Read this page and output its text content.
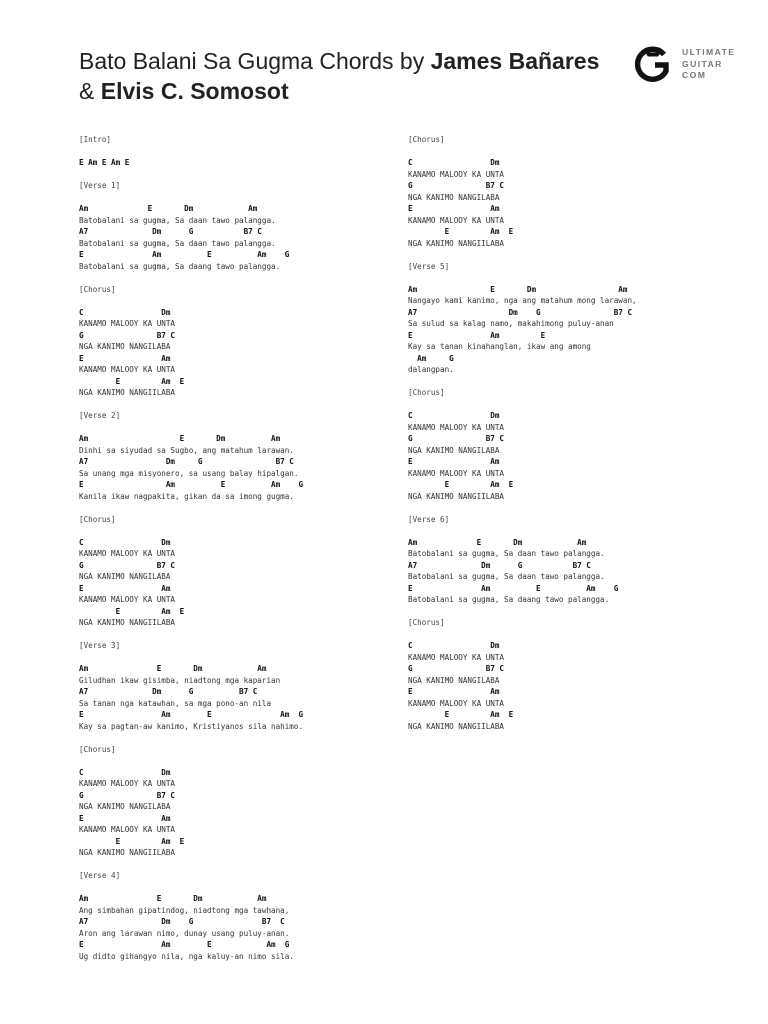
Bato Balani Sa Gugma Chords by James Bañares
& Elvis C. Somosot
ULTIMATE
GUITAR
COM
[Intro]
E Am E Am E
[Verse 1]
Am             E       Dm            Am
Batobalani sa gugma, Sa daan tawo palangga.
A7              Dm      G           B7 C
Batobalani sa gugma, Sa daan tawo palangga.
E               Am          E          Am    G
Batobalani sa gugma, Sa daang tawo palangga.
[Chorus]
C                 Dm
KANAMO MALOOY KA UNTA
G                B7 C
NGA KANIMO NANGILABA
E                 Am
KANAMO MALOOY KA UNTA
E         Am  E
NGA KANIMO NANGIILABA
[Verse 2]
Am                    E       Dm          Am
Dinhi sa siyudad sa Sugbo, ang matahum larawan.
A7                 Dm     G                B7 C
Sa unang mga misyonero, sa usang balay hipalgan.
E                  Am          E          Am    G
Kanila ikaw nagpakita, gikan da sa imong gugma.
[Chorus]
C                 Dm
KANAMO MALOOY KA UNTA
G                B7 C
NGA KANIMO NANGILABA
E                 Am
KANAMO MALOOY KA UNTA
E         Am  E
NGA KANIMO NANGIILABA
[Verse 3]
Am               E       Dm            Am
Giludhan ikaw gisimba, niadtong mga kaparian
A7              Dm      G          B7 C
Sa tanan nga katawhan, sa mga pono-an nila
E                 Am        E               Am  G
Kay sa pagtan-aw kanimo, Kristiyanos sila nahimo.
[Chorus]
C                 Dm
KANAMO MALOOY KA UNTA
G                B7 C
NGA KANIMO NANGILABA
E                 Am
KANAMO MALOOY KA UNTA
E         Am  E
NGA KANIMO NANGIILABA
[Verse 4]
Am               E       Dm            Am
Ang simbahan gipatindog, niadtong mga tawhana,
A7                Dm    G               B7  C
Aron ang larawan nimo, dunay usang puluy-anan.
E                 Am        E            Am  G
Ug didto gihangyo nila, nga kaluy-an nimo sila.
[Chorus]
C                 Dm
KANAMO MALOOY KA UNTA
G                B7 C
NGA KANIMO NANGILABA
E                 Am
KANAMO MALOOY KA UNTA
E         Am  E
NGA KANIMO NANGIILABA
[Verse 5]
Am                E       Dm                  Am
Nangayo kami kanimo, nga ang matahum mong larawan,
A7                    Dm    G                B7 C
Sa sulud sa kalag namo, makahimong puluy-anan
E                 Am         E
Kay sa tanan kinahanglan, ikaw ang among
Am     G
dalangpan.
[Chorus]
C                 Dm
KANAMO MALOOY KA UNTA
G                B7 C
NGA KANIMO NANGILABA
E                 Am
KANAMO MALOOY KA UNTA
E         Am  E
NGA KANIMO NANGIILABA
[Verse 6]
Am             E       Dm            Am
Batobalani sa gugma, Sa daan tawo palangga.
A7              Dm      G           B7 C
Batobalani sa gugma, Sa daan tawo palangga.
E               Am          E          Am    G
Batobalani sa gugma, Sa daang tawo palangga.
[Chorus]
C                 Dm
KANAMO MALOOY KA UNTA
G                B7 C
NGA KANIMO NANGILABA
E                 Am
KANAMO MALOOY KA UNTA
E         Am  E
NGA KANIMO NANGIILABA
